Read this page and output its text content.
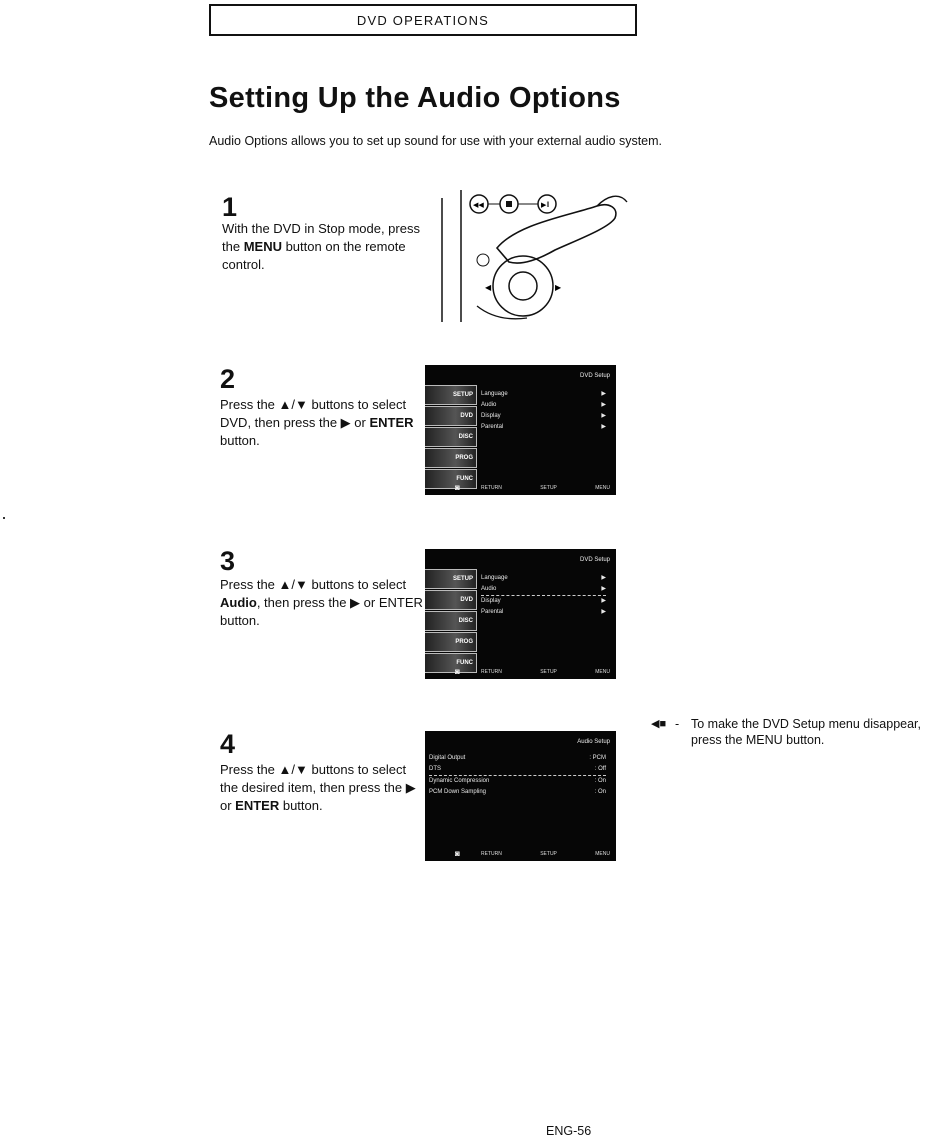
DVD OPERATIONS
Setting Up the Audio Options
Audio Options allows you to set up sound for use with your external audio system.
1
With the DVD in Stop mode, press the MENU button on the remote control.
◀◀	▶‖
◀	▶
2
Press the ▲/▼ buttons to select DVD, then press the ▶ or ENTER button.
DVD Setup
SETUP
DVD
DISC
PROG
FUNC
Language	▶
Audio	▶
Display	▶
Parental	▶
◙	RETURN	SETUP	MENU
3
Press the ▲/▼ buttons to select Audio, then press the ▶ or ENTER button.
DVD Setup
SETUP
DVD
DISC
PROG
FUNC
Language	▶
Audio	▶
Display	▶
Parental	▶
◙	RETURN	SETUP	MENU
4
Press the ▲/▼ buttons to select the desired item, then press the ▶ or ENTER button.
Audio Setup
Digital Output	: PCM
DTS	: Off
Dynamic Compression	: On
PCM Down Sampling	: On
◙	RETURN	SETUP	MENU
◀■ - To make the DVD Setup menu disappear, press the MENU button.
ENG-56
